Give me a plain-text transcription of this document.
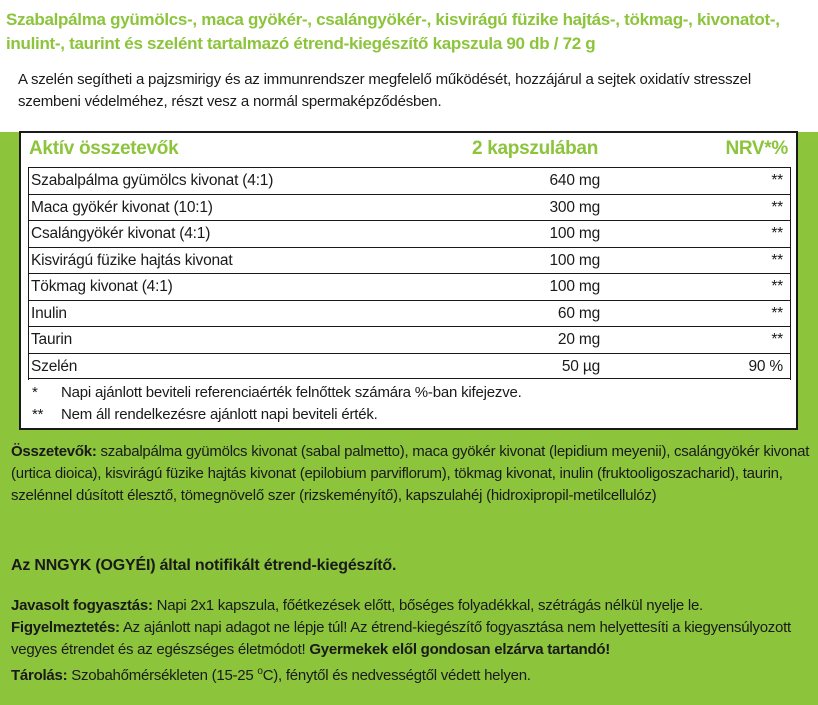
Szabalpálma gyümölcs-, maca gyökér-, csalángyökér-, kisvirágú füzike hajtás-, tökmag-, kivonatot-, inulint-, taurint és szelént tartalmazó étrend-kiegészítő kapszula 90 db / 72 g
A szelén segítheti a pajzsmirigy és az immunrendszer megfelelő működését, hozzájárul a sejtek oxidatív stresszel szembeni védelméhez, részt vesz a normál spermaképződésben.
Aktív összetevők	2 kapszulában	NRV*%
Szabalpálma gyümölcs kivonat (4:1)	640 mg	**
Maca gyökér kivonat (10:1)	300 mg	**
Csalángyökér kivonat (4:1)	100 mg	**
Kisvirágú füzike hajtás kivonat	100 mg	**
Tökmag kivonat (4:1)	100 mg	**
Inulin	60 mg	**
Taurin	20 mg	**
Szelén	50 µg	90 %
* Napi ajánlott beviteli referenciaérték felnőttek számára %-ban kifejezve.
** Nem áll rendelkezésre ajánlott napi beviteli érték.
Összetevők: szabalpálma gyümölcs kivonat (sabal palmetto), maca gyökér kivonat (lepidium meyenii), csalángyökér kivonat (urtica dioica), kisvirágú füzike hajtás kivonat (epilobium parviflorum), tökmag kivonat, inulin (fruktooligoszacharid), taurin, szelénnel dúsított élesztő, tömegnövelő szer (rizskeményítő), kapszulahéj (hidroxipropil-metilcellulóz)
Az NNGYK (OGYÉI) által notifikált étrend-kiegészítő.
Javasolt fogyasztás: Napi 2x1 kapszula, főétkezések előtt, bőséges folyadékkal, szétrágás nélkül nyelje le.
Figyelmeztetés: Az ajánlott napi adagot ne lépje túl! Az étrend-kiegészítő fogyasztása nem helyettesíti a kiegyensúlyozott vegyes étrendet és az egészséges életmódot! Gyermekek elől gondosan elzárva tartandó!
Tárolás: Szobahőmérsékleten (15-25 $^o$C), fénytől és nedvességtől védett helyen.
